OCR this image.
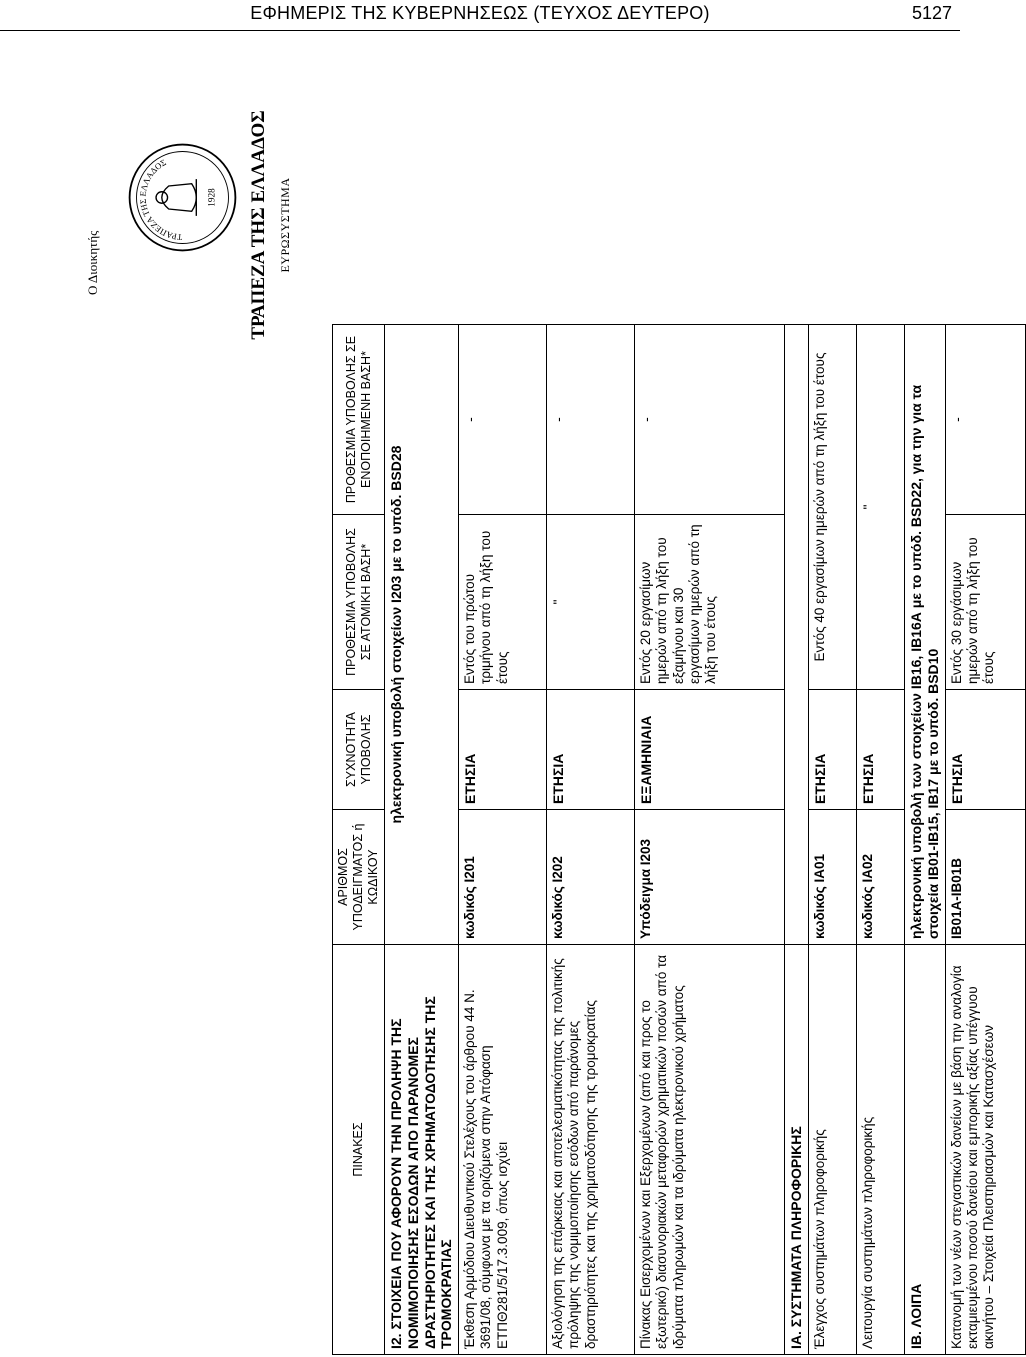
ΕΦΗΜΕΡΙΣ ΤΗΣ ΚΥΒΕΡΝΗΣΕΩΣ (ΤΕΥΧΟΣ ΔΕΥΤΕΡΟ)	5127
Ο Διοικητής	ΤΡΑΠΕΖΑ ΤΗΣ ΕΛΛΑΔΟΣ
1928 ΤΡΑΠΕΖΑ ΤΗΣ ΕΛΛΑΔΟΣ ΕΥΡΩΣΥΣΤΗΜΑ
ΠΙΝΑΚΕΣ	ΑΡΙΘΜΟΣ ΥΠΟΔΕΙΓΜΑΤΟΣ ή ΚΩΔΙΚΟΥ	ΣΥΧΝΟΤΗΤΑ ΥΠΟΒΟΛΗΣ	ΠΡΟΘΕΣΜΙΑ ΥΠΟΒΟΛΗΣ ΣΕ ΑΤΟΜΙΚΗ ΒΑΣΗ*	ΠΡΟΘΕΣΜΙΑ ΥΠΟΒΟΛΗΣ ΣΕ ΕΝΟΠΟΙΗΜΕΝΗ ΒΑΣΗ*
Ι2. ΣΤΟΙΧΕΙΑ ΠΟΥ ΑΦΟΡΟΥΝ ΤΗΝ ΠΡΟΛΗΨΗ ΤΗΣ ΝΟΜΙΜΟΠΟΙΗΣΗΣ ΕΣΟΔΩΝ ΑΠΟ ΠΑΡΑΝΟΜΕΣ ΔΡΑΣΤΗΡΙΟΤΗΤΕΣ ΚΑΙ ΤΗΣ ΧΡΗΜΑΤΟΔΟΤΗΣΗΣ ΤΗΣ ΤΡΟΜΟΚΡΑΤΙΑΣ	ηλεκτρονική υποβολή στοιχείων Ι203 με το υπόδ. BSD28			
Έκθεση Αρμόδιου Διευθυντικού Στελέχους του άρθρου 44 Ν. 3691/08, σύμφωνα με τα οριζόμενα στην Απόφαση ΕΤΠΘ281/5/17.3.009, όπως ισχύει	κωδικός Ι201	ΕΤΗΣΙΑ	Εντός του πρώτου τριμήνου από τη λήξη του έτους	-
Αξιολόγηση της επάρκειας και αποτελεσματικότητας της πολιτικής πρόληψης της νομιμοποίησης εσόδων από παράνομες δραστηριότητες και της χρηματοδότησης της τρομοκρατίας	κωδικός Ι202	ΕΤΗΣΙΑ	"	-
Πίνακας Εισερχομένων και Εξερχομένων (από και προς το εξωτερικό) διασυνοριακών μεταφορών χρηματικών ποσών από τα ιδρύματα πληρωμών και τα ιδρύματα ηλεκτρονικού χρήματος	Υπόδειγμα Ι203	ΕΞΑΜΗΝΙΑΙΑ	Εντός 20 εργασίμων ημερών από τη λήξη του εξαμήνου και 30 εργασίμων ημερών από τη λήξη του έτους	-
ΙΑ. ΣΥΣΤΗΜΑΤΑ ΠΛΗΡΟΦΟΡΙΚΗΣ				
Έλεγχος συστημάτων πληροφορικής	κωδικός ΙΑ01	ΕΤΗΣΙΑ	Εντός 40 εργασίμων ημερών από τη λήξη του έτους	
Λειτουργία συστημάτων πληροφορικής	κωδικός ΙΑ02	ΕΤΗΣΙΑ	"	
ΙΒ. ΛΟΙΠΑ	ηλεκτρονική υποβολή των στοιχείων ΙΒ16, ΙΒ16Α με το υπόδ. BSD22, για την για τα στοιχεία ΙΒ01-ΙΒ15, ΙΒ17 με το υπόδ. BSD10			
Κατανομή των νέων στεγαστικών δανείων με βάση την αναλογία εκταμιευμένου ποσού δανείου και εμπορικής αξίας υπέγγυου ακινήτου – Στοιχεία Πλειστηριασμών και Κατασχέσεων	ΙΒ01Α-ΙΒ01Β	ΕΤΗΣΙΑ	Εντός 30 εργάσιμων ημερών από τη λήξη του έτους	-
